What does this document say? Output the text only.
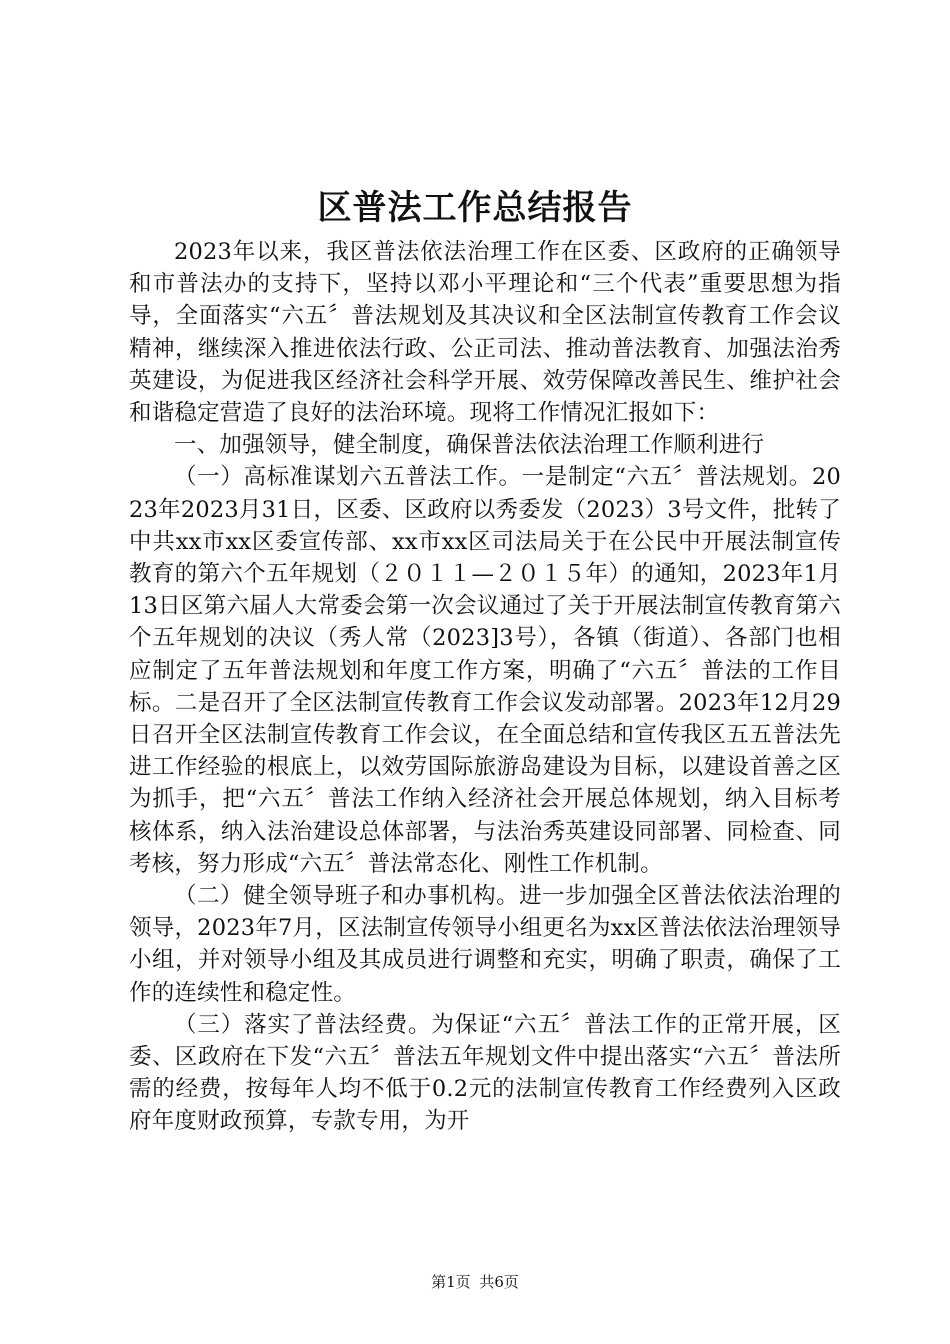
区普法工作总结报告

2023年以来，我区普法依法治理工作在区委、区政府的正确领导和市普法办的支持下，坚持以邓小平理论和“三个代表”重要思想为指导，全面落实“六五〞普法规划及其决议和全区法制宣传教育工作会议精神，继续深入推进依法行政、公正司法、推动普法教育、加强法治秀英建设，为促进我区经济社会科学开展、效劳保障改善民生、维护社会和谐稳定营造了良好的法治环境。现将工作情况汇报如下：

一、加强领导，健全制度，确保普法依法治理工作顺利进行

（一）高标准谋划六五普法工作。一是制定“六五〞普法规划。2023年2023月31日，区委、区政府以秀委发（2023）3号文件，批转了中共xx市xx区委宣传部、xx市xx区司法局关于在公民中开展法制宣传教育的第六个五年规划（２０１１—２０１５年）的通知，2023年1月13日区第六届人大常委会第一次会议通过了关于开展法制宣传教育第六个五年规划的决议（秀人常（2023]3号），各镇（街道）、各部门也相应制定了五年普法规划和年度工作方案，明确了“六五〞普法的工作目标。二是召开了全区法制宣传教育工作会议发动部署。2023年12月29日召开全区法制宣传教育工作会议，在全面总结和宣传我区五五普法先进工作经验的根底上，以效劳国际旅游岛建设为目标，以建设首善之区为抓手，把“六五〞普法工作纳入经济社会开展总体规划，纳入目标考核体系，纳入法治建设总体部署，与法治秀英建设同部署、同检查、同考核，努力形成“六五〞普法常态化、刚性工作机制。

（二）健全领导班子和办事机构。进一步加强全区普法依法治理的领导，2023年7月，区法制宣传领导小组更名为xx区普法依法治理领导小组，并对领导小组及其成员进行调整和充实，明确了职责，确保了工作的连续性和稳定性。

（三）落实了普法经费。为保证“六五〞普法工作的正常开展，区委、区政府在下发“六五〞普法五年规划文件中提出落实“六五〞普法所需的经费，按每年人均不低于0.2元的法制宣传教育工作经费列入区政府年度财政预算，专款专用，为开

第1页 共6页
